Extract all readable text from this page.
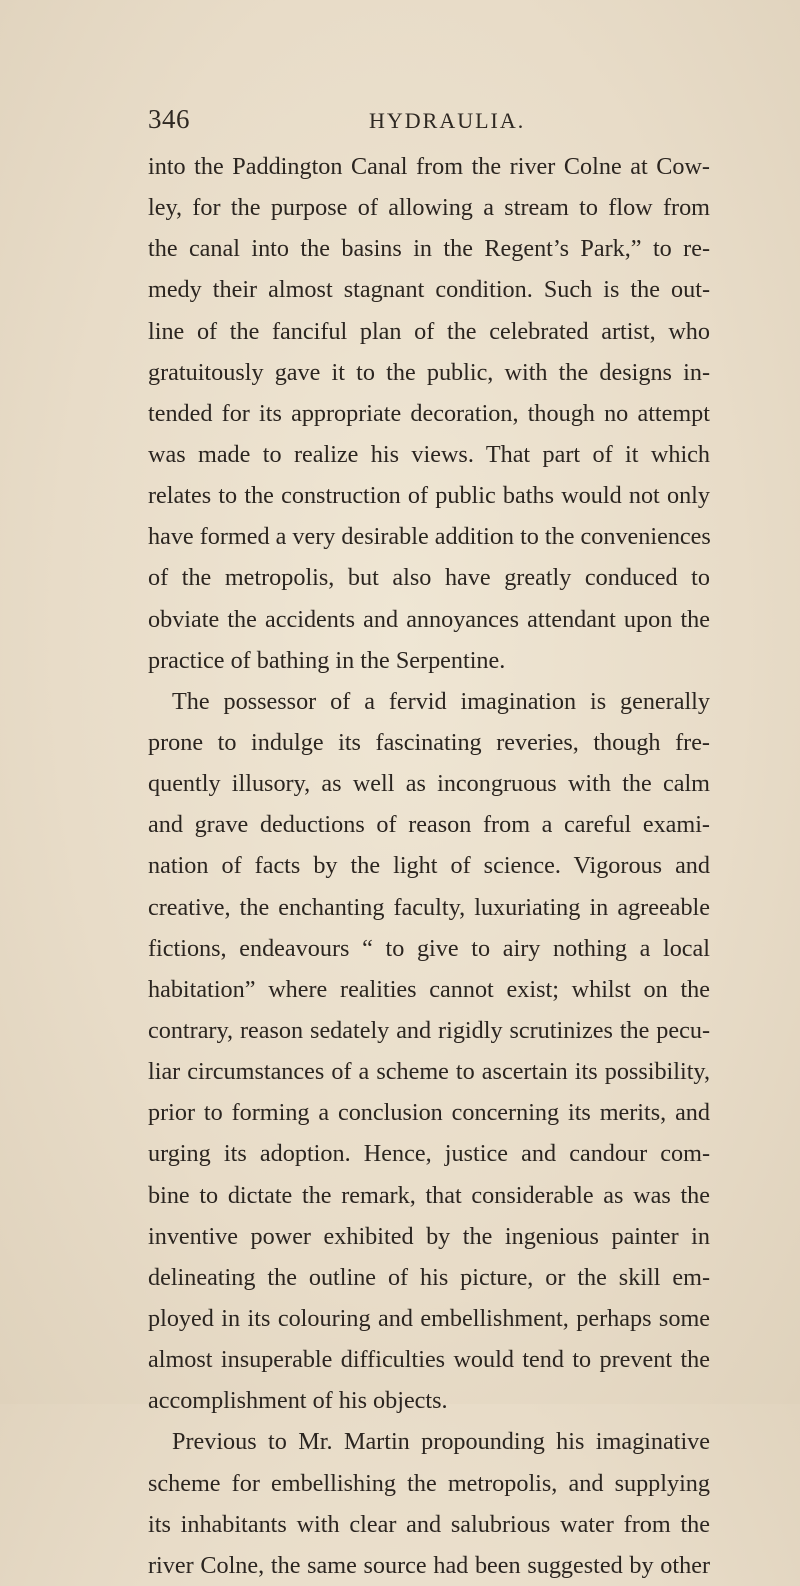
346	HYDRAULIA.
into the Paddington Canal from the river Colne at Cow-
ley, for the purpose of allowing a stream to flow from
the canal into the basins in the Regent’s Park,” to re-
medy their almost stagnant condition. Such is the out-
line of the fanciful plan of the celebrated artist, who
gratuitously gave it to the public, with the designs in-
tended for its appropriate decoration, though no attempt
was made to realize his views. That part of it which
relates to the construction of public baths would not only
have formed a very desirable addition to the conveniences
of the metropolis, but also have greatly conduced to
obviate the accidents and annoyances attendant upon the
practice of bathing in the Serpentine.
The possessor of a fervid imagination is generally
prone to indulge its fascinating reveries, though fre-
quently illusory, as well as incongruous with the calm
and grave deductions of reason from a careful exami-
nation of facts by the light of science. Vigorous and
creative, the enchanting faculty, luxuriating in agreeable
fictions, endeavours “ to give to airy nothing a local
habitation” where realities cannot exist; whilst on the
contrary, reason sedately and rigidly scrutinizes the pecu-
liar circumstances of a scheme to ascertain its possibility,
prior to forming a conclusion concerning its merits, and
urging its adoption. Hence, justice and candour com-
bine to dictate the remark, that considerable as was the
inventive power exhibited by the ingenious painter in
delineating the outline of his picture, or the skill em-
ployed in its colouring and embellishment, perhaps some
almost insuperable difficulties would tend to prevent the
accomplishment of his objects.
Previous to Mr. Martin propounding his imaginative
scheme for embellishing the metropolis, and supplying
its inhabitants with clear and salubrious water from the
river Colne, the same source had been suggested by other
